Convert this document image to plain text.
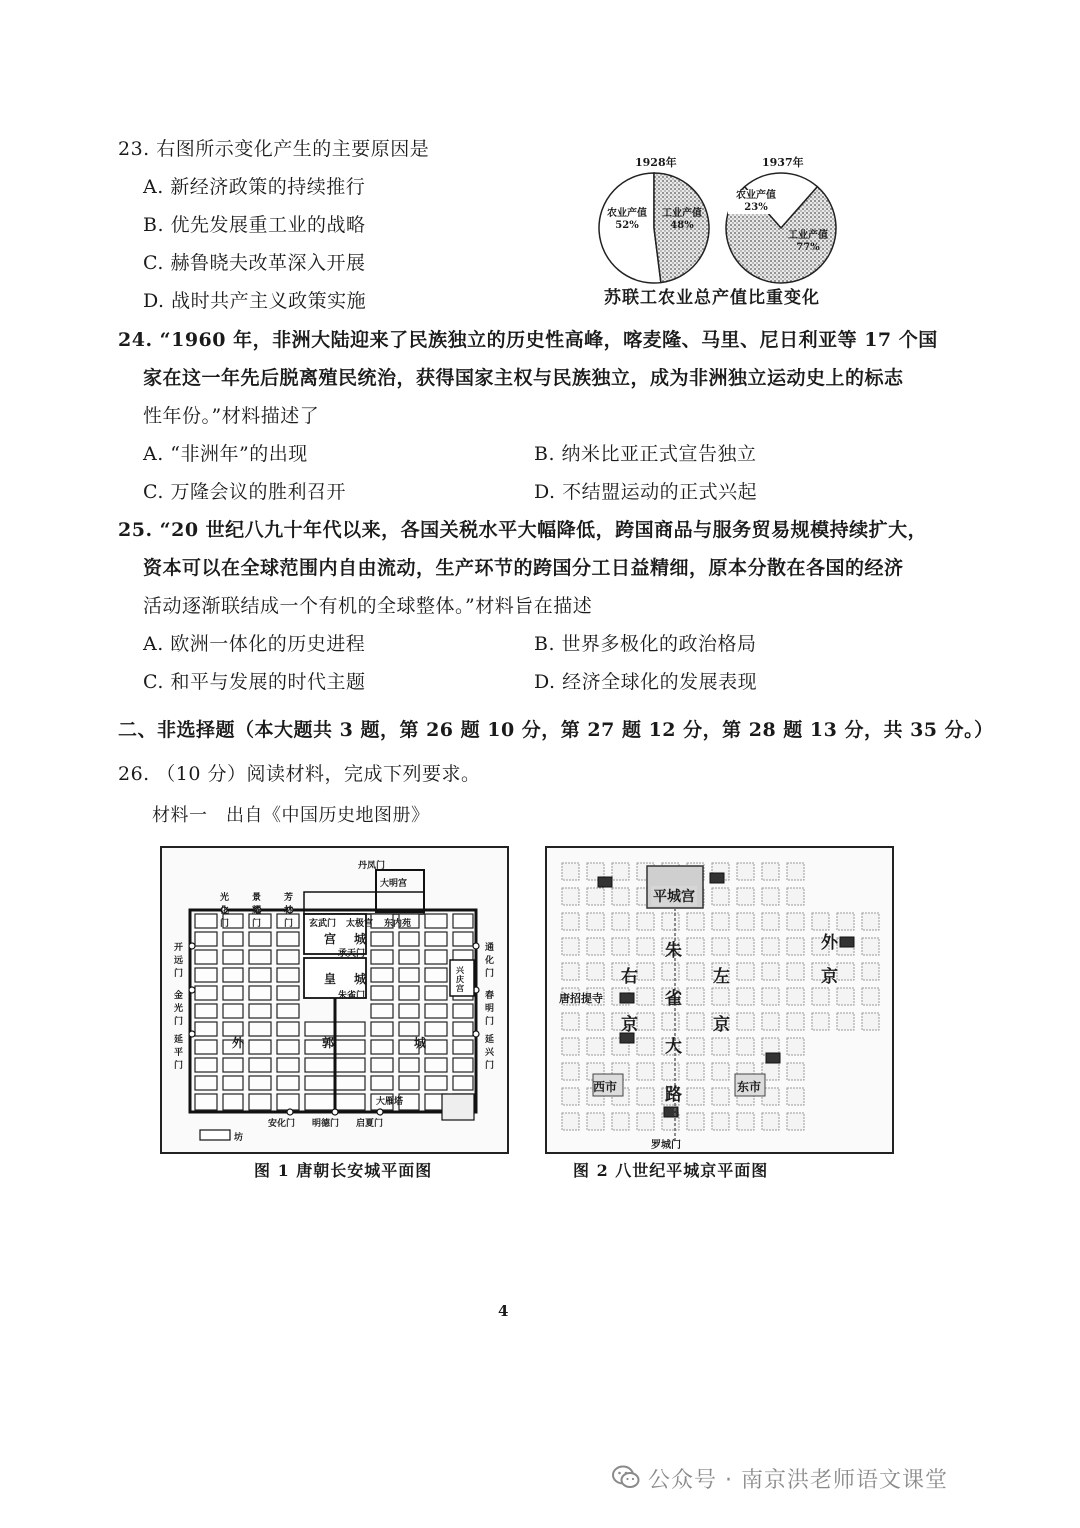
23. 右图所示变化产生的主要原因是
A. 新经济政策的持续推行
B. 优先发展重工业的战略
C. 赫鲁晓夫改革深入开展
D. 战时共产主义政策实施
1928年	1937年
农业产值
52%
工业产值
48%
农业产值
23%
工业产值
77%
苏联工农业总产值比重变化
24. “1960 年，非洲大陆迎来了民族独立的历史性高峰，喀麦隆、马里、尼日利亚等 17 个国
家在这一年先后脱离殖民统治，获得国家主权与民族独立，成为非洲独立运动史上的标志
性年份。”材料描述了
A. “非洲年”的出现	B. 纳米比亚正式宣告独立
C. 万隆会议的胜利召开	D. 不结盟运动的正式兴起
25. “20 世纪八九十年代以来，各国关税水平大幅降低，跨国商品与服务贸易规模持续扩大，
资本可以在全球范围内自由流动，生产环节的跨国分工日益精细，原本分散在各国的经济
活动逐渐联结成一个有机的全球整体。”材料旨在描述
A. 欧洲一体化的历史进程	B. 世界多极化的政治格局
C. 和平与发展的时代主题	D. 经济全球化的发展表现
二、非选择题（本大题共 3 题，第 26 题 10 分，第 27 题 12 分，第 28 题 13 分，共 35 分。）
26. （10 分）阅读材料，完成下列要求。
材料一　出自《中国历史地图册》
丹凤门
大明宫
光化门
景耀门
芳林门 玄武门 太极宫 东内苑
宫 城
承天门
皇 城
朱雀门
开远门
金光门
延平门
通化门
春明门
延兴门
兴庆宫
外	郭	城
大雁塔
安化门 明德门 启夏门
坊
图 1 唐朝长安城平面图
平城宫
朱
雀
大
路
右
京
左
京
外
京
唐招提寺
西市	东市
罗城门
图 2 八世纪平城京平面图
4
公众号 · 南京洪老师语文课堂
